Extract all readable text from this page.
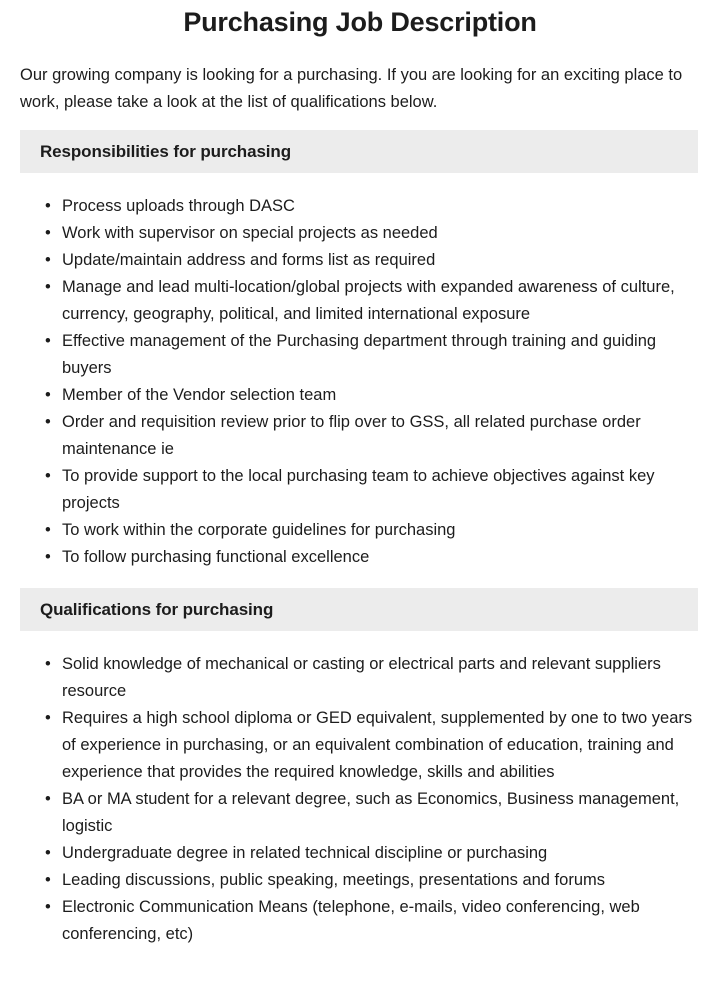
Purchasing Job Description

Our growing company is looking for a purchasing. If you are looking for an exciting place to work, please take a look at the list of qualifications below.

Responsibilities for purchasing
• Process uploads through DASC
• Work with supervisor on special projects as needed
• Update/maintain address and forms list as required
• Manage and lead multi-location/global projects with expanded awareness of culture, currency, geography, political, and limited international exposure
• Effective management of the Purchasing department through training and guiding buyers
• Member of the Vendor selection team
• Order and requisition review prior to flip over to GSS, all related purchase order maintenance ie
• To provide support to the local purchasing team to achieve objectives against key projects
• To work within the corporate guidelines for purchasing
• To follow purchasing functional excellence
Qualifications for purchasing
• Solid knowledge of mechanical or casting or electrical parts and relevant suppliers resource
• Requires a high school diploma or GED equivalent, supplemented by one to two years of experience in purchasing, or an equivalent combination of education, training and experience that provides the required knowledge, skills and abilities
• BA or MA student for a relevant degree, such as Economics, Business management, logistic
• Undergraduate degree in related technical discipline or purchasing
• Leading discussions, public speaking, meetings, presentations and forums
• Electronic Communication Means (telephone, e-mails, video conferencing, web conferencing, etc)
